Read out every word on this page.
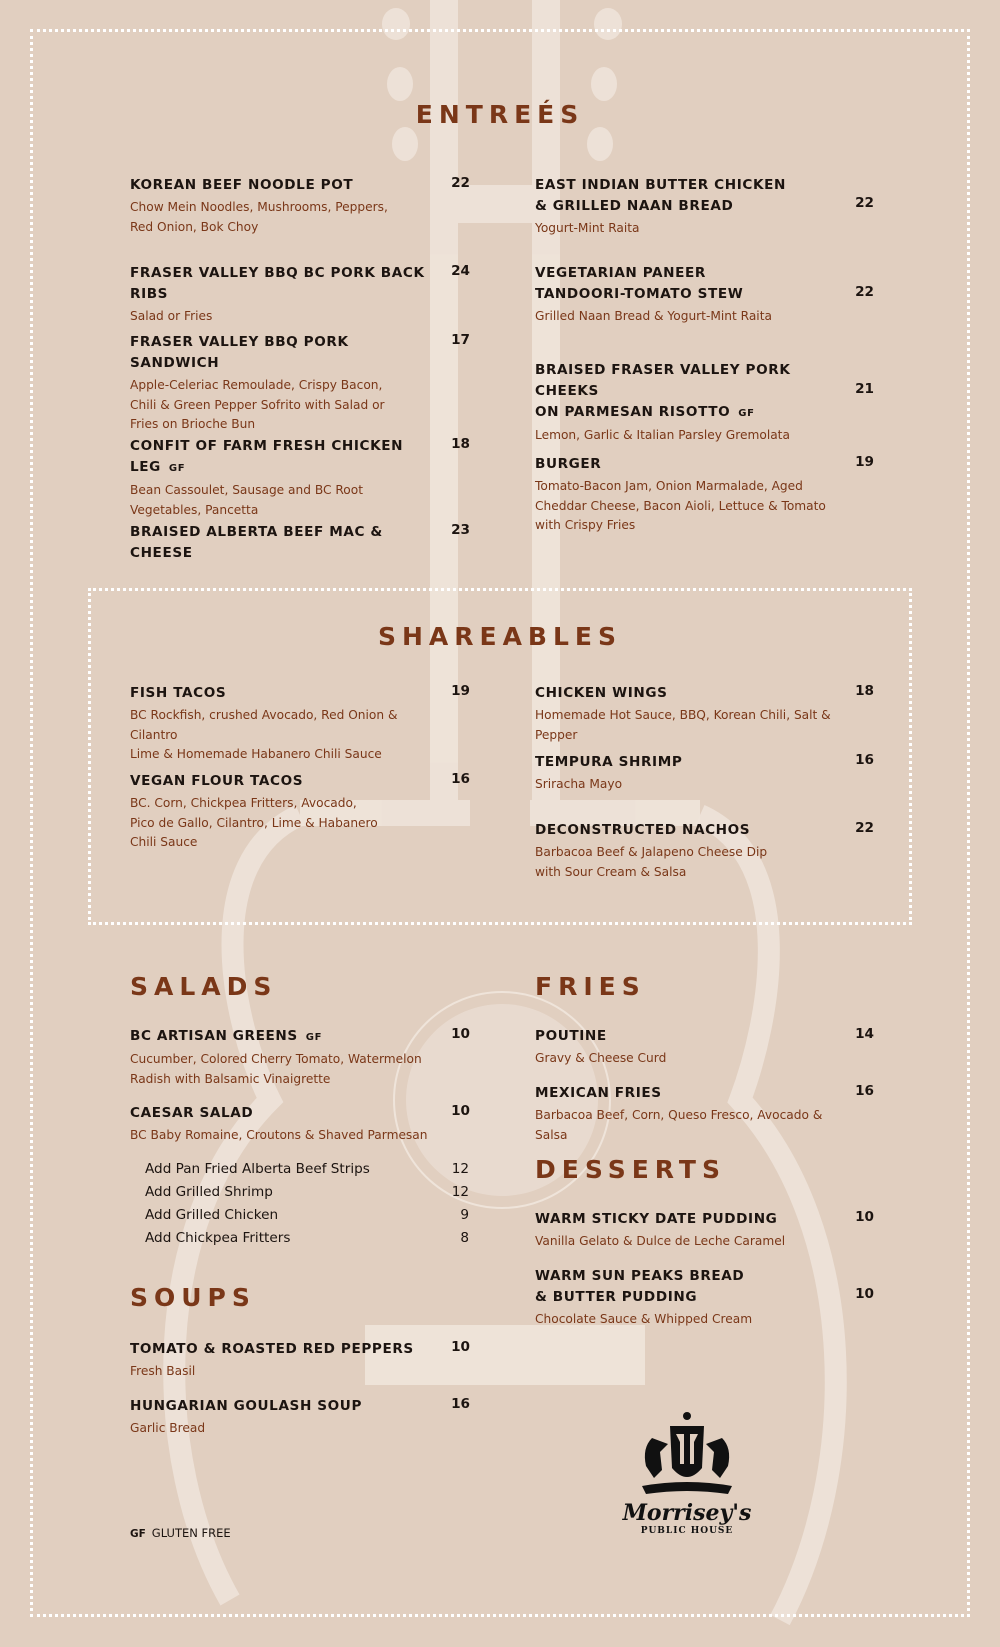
ENTREÉS
SHAREABLES
SALADS	FRIES
DESSERTS
SOUPS
KOREAN BEEF NOODLE POT
Chow Mein Noodles, Mushrooms, Peppers,
Red Onion, Bok Choy
22
FRASER VALLEY BBQ BC PORK BACK RIBS
Salad or Fries
24
FRASER VALLEY BBQ PORK SANDWICH
Apple-Celeriac Remoulade, Crispy Bacon,
Chili & Green Pepper Sofrito with Salad or
Fries on Brioche Bun
17
CONFIT OF FARM FRESH CHICKEN LEG GF
Bean Cassoulet, Sausage and BC Root
Vegetables, Pancetta
18
BRAISED ALBERTA BEEF MAC & CHEESE
23
EAST INDIAN BUTTER CHICKEN
& GRILLED NAAN BREAD
Yogurt-Mint Raita
22
VEGETARIAN PANEER
TANDOORI-TOMATO STEW
Grilled Naan Bread & Yogurt-Mint Raita
22
BRAISED FRASER VALLEY PORK CHEEKS
ON PARMESAN RISOTTO GF
Lemon, Garlic & Italian Parsley Gremolata
21
BURGER
Tomato-Bacon Jam, Onion Marmalade, Aged
Cheddar Cheese, Bacon Aioli, Lettuce & Tomato
with Crispy Fries
19
FISH TACOS
BC Rockfish, crushed Avocado, Red Onion & Cilantro
Lime & Homemade Habanero Chili Sauce
19
VEGAN FLOUR TACOS
BC. Corn, Chickpea Fritters, Avocado,
Pico de Gallo, Cilantro, Lime & Habanero
Chili Sauce
16
CHICKEN WINGS
Homemade Hot Sauce, BBQ, Korean Chili, Salt & Pepper
18
TEMPURA SHRIMP
Sriracha Mayo
16
DECONSTRUCTED NACHOS
Barbacoa Beef & Jalapeno Cheese Dip
with Sour Cream & Salsa
22
BC ARTISAN GREENS GF
Cucumber, Colored Cherry Tomato, Watermelon
Radish with Balsamic Vinaigrette
10
CAESAR SALAD
BC Baby Romaine, Croutons & Shaved Parmesan
10
Add Pan Fried Alberta Beef Strips	12
Add Grilled Shrimp	12
Add Grilled Chicken	9
Add Chickpea Fritters	8
TOMATO & ROASTED RED PEPPERS
Fresh Basil
10
HUNGARIAN GOULASH SOUP
Garlic Bread
16
POUTINE
Gravy & Cheese Curd
14
MEXICAN FRIES
Barbacoa Beef, Corn, Queso Fresco, Avocado & Salsa
16
WARM STICKY DATE PUDDING
Vanilla Gelato & Dulce de Leche Caramel
10
WARM SUN PEAKS BREAD
& BUTTER PUDDING
Chocolate Sauce & Whipped Cream
10
GF GLUTEN FREE
Morrisey's
PUBLIC HOUSE
